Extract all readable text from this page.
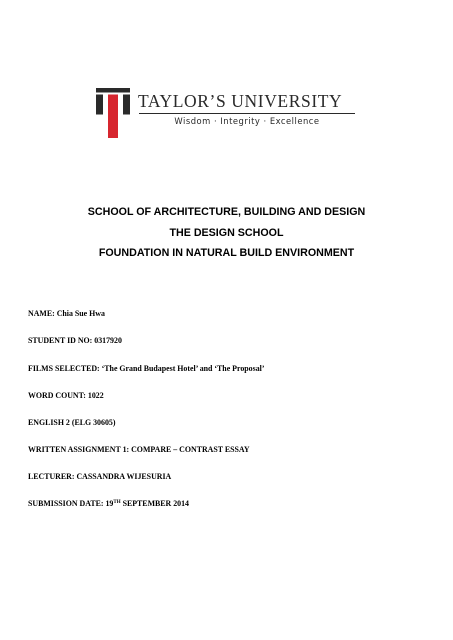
TAYLOR’S UNIVERSITY
Wisdom · Integrity · Excellence
SCHOOL OF ARCHITECTURE, BUILDING AND DESIGN
THE DESIGN SCHOOL
FOUNDATION IN NATURAL BUILD ENVIRONMENT
NAME: Chia Sue Hwa
STUDENT ID NO: 0317920
FILMS SELECTED: ‘The Grand Budapest Hotel’ and ‘The Proposal’
WORD COUNT: 1022
ENGLISH 2 (ELG 30605)
WRITTEN ASSIGNMENT 1: COMPARE – CONTRAST ESSAY
LECTURER: CASSANDRA WIJESURIA
SUBMISSION DATE: 19TH SEPTEMBER 2014
